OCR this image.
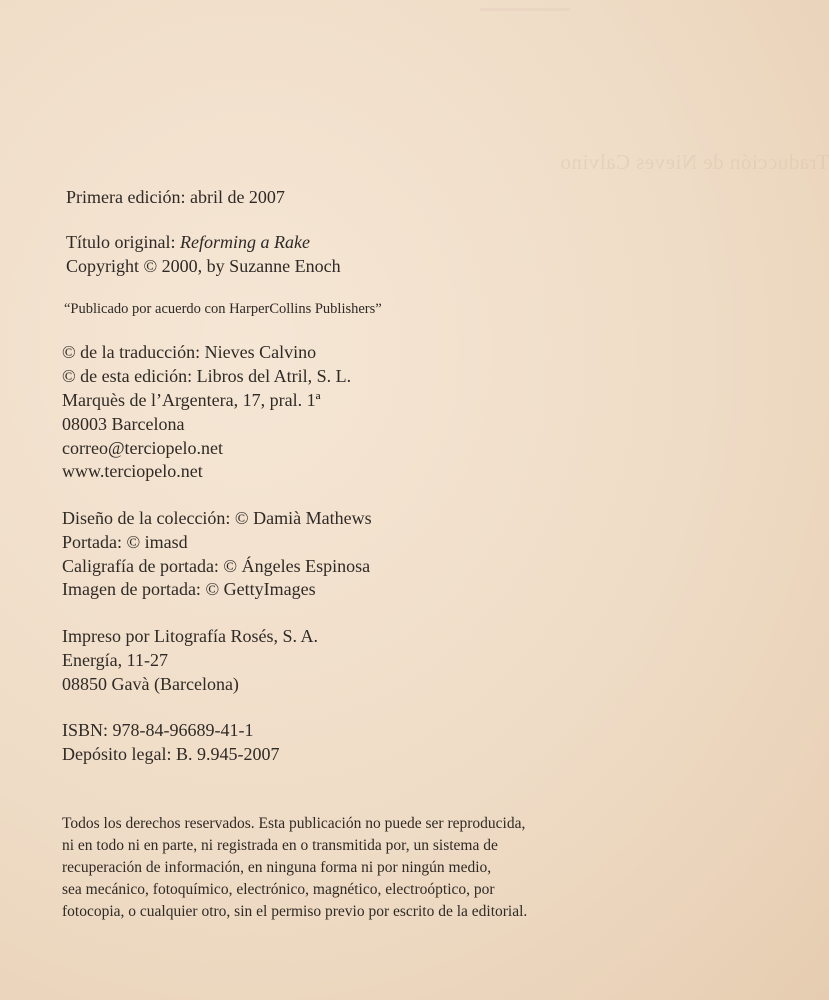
Traducción de Nieves Calvino
Primera edición: abril de 2007
Título original: Reforming a Rake
Copyright © 2000, by Suzanne Enoch
“Publicado por acuerdo con HarperCollins Publishers”
© de la traducción: Nieves Calvino
© de esta edición: Libros del Atril, S. L.
Marquès de l’Argentera, 17, pral. 1ª
08003 Barcelona
correo@terciopelo.net
www.terciopelo.net
Diseño de la colección: © Damià Mathews
Portada: © imasd
Caligrafía de portada: © Ángeles Espinosa
Imagen de portada: © GettyImages
Impreso por Litografía Rosés, S. A.
Energía, 11-27
08850 Gavà (Barcelona)
ISBN: 978-84-96689-41-1
Depósito legal: B. 9.945-2007
Todos los derechos reservados. Esta publicación no puede ser reproducida,
ni en todo ni en parte, ni registrada en o transmitida por, un sistema de
recuperación de información, en ninguna forma ni por ningún medio,
sea mecánico, fotoquímico, electrónico, magnético, electroóptico, por
fotocopia, o cualquier otro, sin el permiso previo por escrito de la editorial.
